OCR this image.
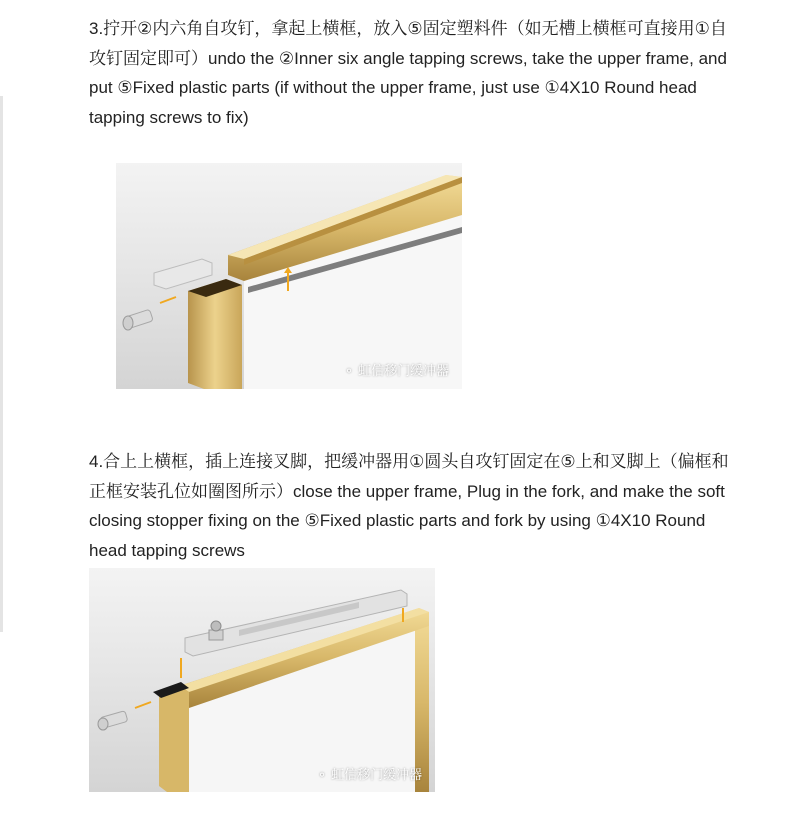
3.拧开②内六角自攻钉，拿起上横框，放入⑤固定塑料件（如无槽上横框可直接用①自攻钉固定即可）undo the ②Inner six angle tapping screws, take the upper frame, and put ⑤Fixed plastic parts (if without the upper frame, just use ①4X10 Round head tapping screws to fix)

⚬ 虹信移门缓冲器

4.合上上横框，插上连接叉脚，把缓冲器用①圆头自攻钉固定在⑤上和叉脚上（偏框和正框安装孔位如圈图所示）close the upper frame, Plug in the fork, and make the soft closing stopper fixing on the ⑤Fixed plastic parts and fork by using ①4X10 Round head tapping screws

⚬ 虹信移门缓冲器
